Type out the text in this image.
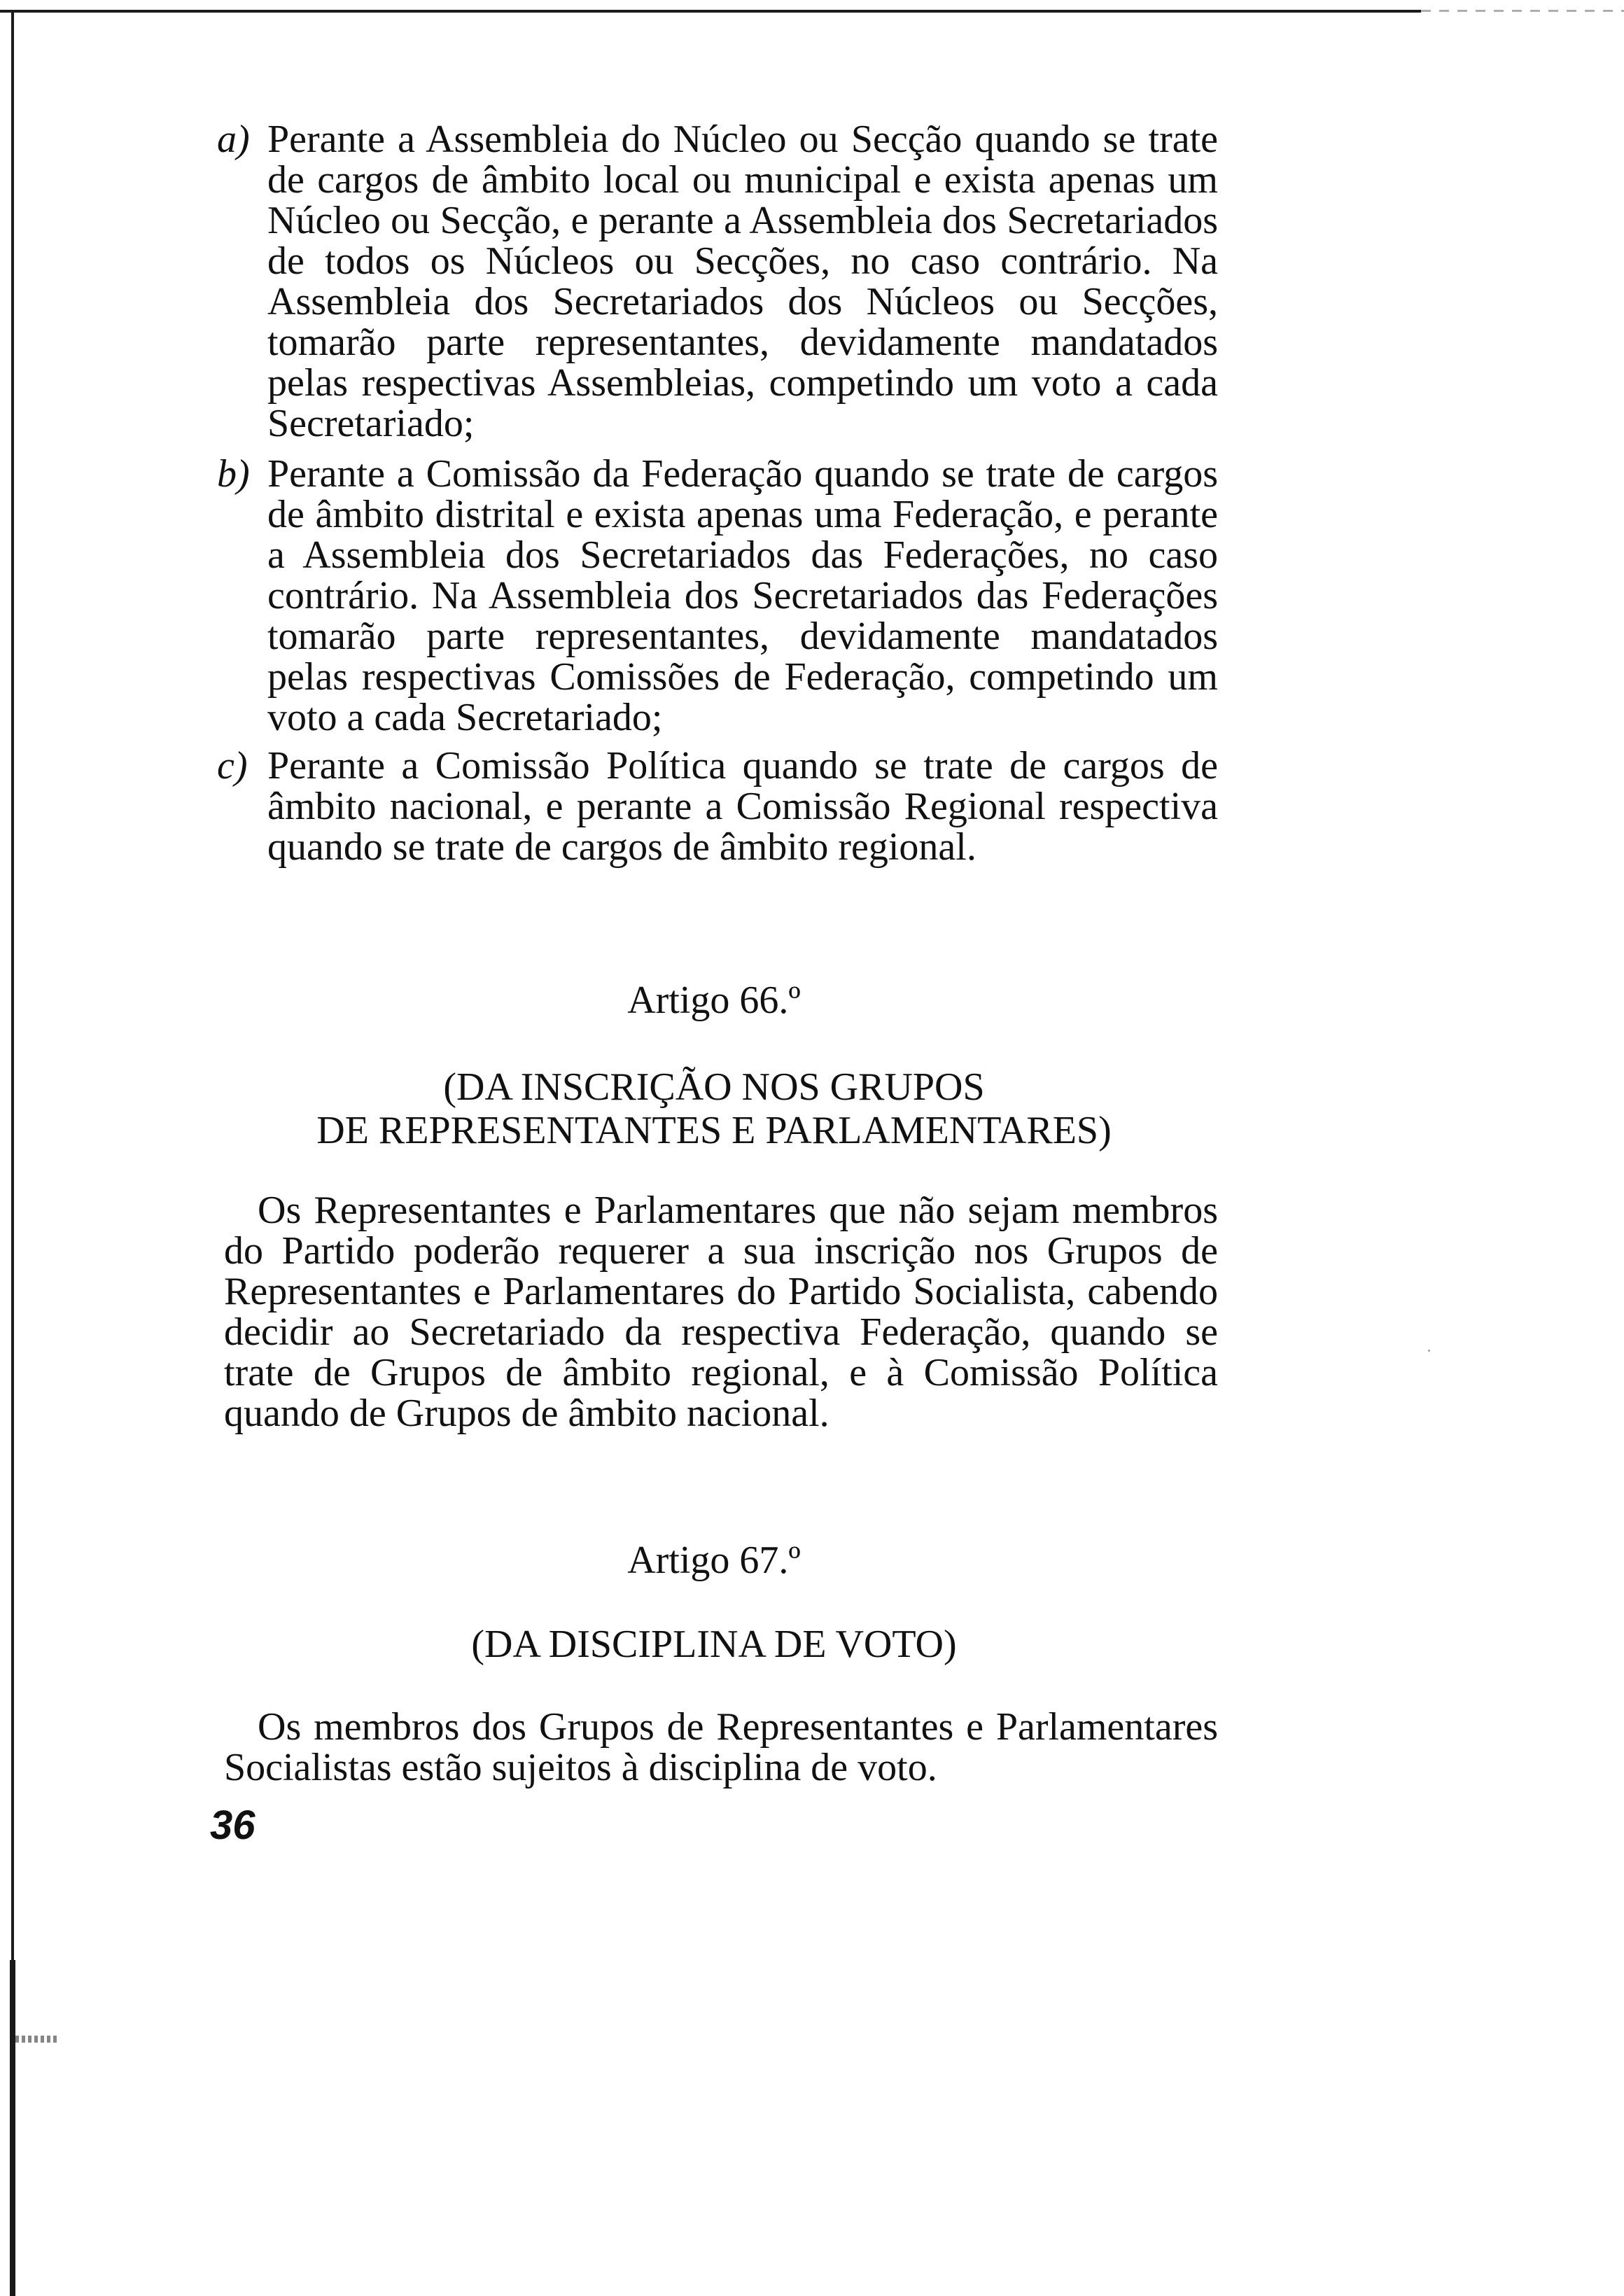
a) Perante a Assembleia do Núcleo ou Secção quando se trate de cargos de âmbito local ou municipal e exista apenas um Núcleo ou Secção, e perante a Assembleia dos Secretariados de todos os Núcleos ou Secções, no caso contrário. Na Assembleia dos Secretariados dos Núcleos ou Secções, tomarão parte representantes, devidamente mandatados pelas respectivas Assembleias, competindo um voto a cada Secretariado;
b) Perante a Comissão da Federação quando se trate de cargos de âmbito distrital e exista apenas uma Federação, e perante a Assembleia dos Secretariados das Federações, no caso contrário. Na Assembleia dos Secretariados das Federações tomarão parte representantes, devidamente mandatados pelas respectivas Comissões de Federação, competindo um voto a cada Secretariado;
c) Perante a Comissão Política quando se trate de cargos de âmbito nacional, e perante a Comissão Regional respectiva quando se trate de cargos de âmbito regional.
Artigo 66.º
(DA INSCRIÇÃO NOS GRUPOS
DE REPRESENTANTES E PARLAMENTARES)
Os Representantes e Parlamentares que não sejam membros do Partido poderão requerer a sua inscrição nos Grupos de Representantes e Parlamentares do Partido Socialista, cabendo decidir ao Secretariado da respectiva Federação, quando se trate de Grupos de âmbito regional, e à Comissão Política quando de Grupos de âmbito nacional.
Artigo 67.º
(DA DISCIPLINA DE VOTO)
Os membros dos Grupos de Representantes e Parlamentares Socialistas estão sujeitos à disciplina de voto.
36
